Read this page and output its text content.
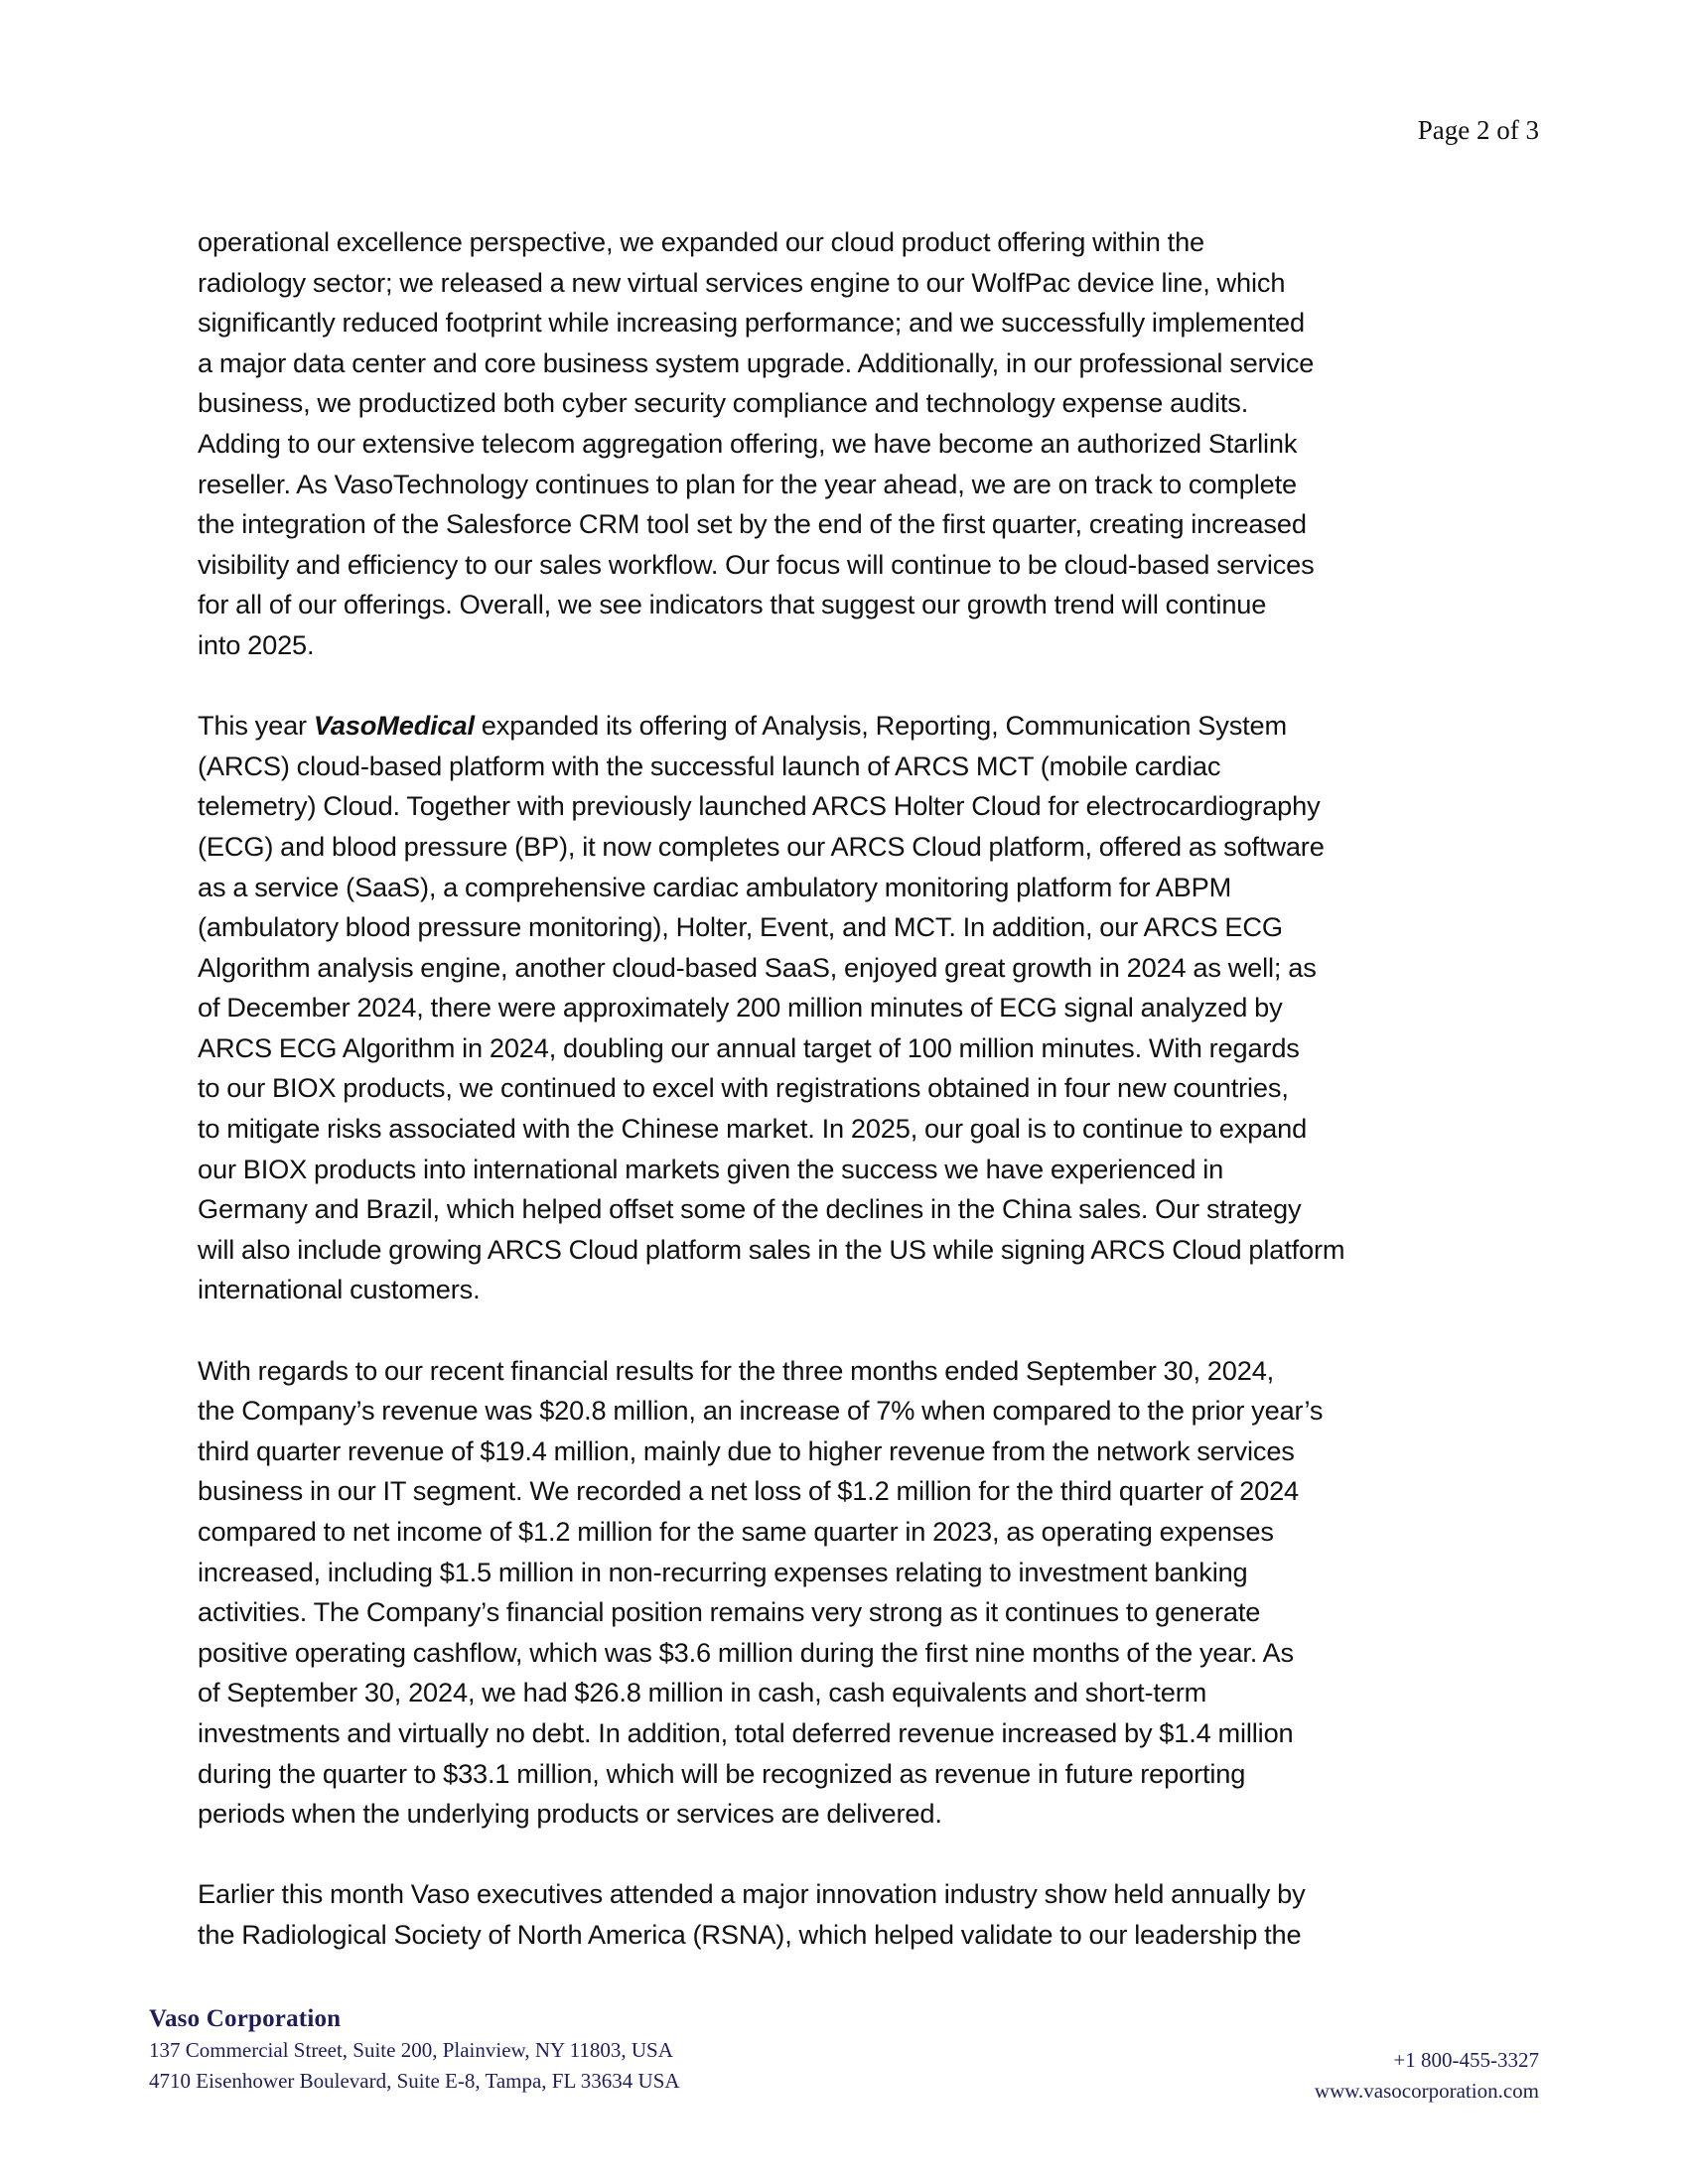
Page 2 of 3

operational excellence perspective, we expanded our cloud product offering within the
radiology sector; we released a new virtual services engine to our WolfPac device line, which
significantly reduced footprint while increasing performance; and we successfully implemented
a major data center and core business system upgrade. Additionally, in our professional service
business, we productized both cyber security compliance and technology expense audits.
Adding to our extensive telecom aggregation offering, we have become an authorized Starlink
reseller. As VasoTechnology continues to plan for the year ahead, we are on track to complete
the integration of the Salesforce CRM tool set by the end of the first quarter, creating increased
visibility and efficiency to our sales workflow. Our focus will continue to be cloud-based services
for all of our offerings. Overall, we see indicators that suggest our growth trend will continue
into 2025.

This year VasoMedical expanded its offering of Analysis, Reporting, Communication System
(ARCS) cloud-based platform with the successful launch of ARCS MCT (mobile cardiac
telemetry) Cloud. Together with previously launched ARCS Holter Cloud for electrocardiography
(ECG) and blood pressure (BP), it now completes our ARCS Cloud platform, offered as software
as a service (SaaS), a comprehensive cardiac ambulatory monitoring platform for ABPM
(ambulatory blood pressure monitoring), Holter, Event, and MCT. In addition, our ARCS ECG
Algorithm analysis engine, another cloud-based SaaS, enjoyed great growth in 2024 as well; as
of December 2024, there were approximately 200 million minutes of ECG signal analyzed by
ARCS ECG Algorithm in 2024, doubling our annual target of 100 million minutes. With regards
to our BIOX products, we continued to excel with registrations obtained in four new countries,
to mitigate risks associated with the Chinese market. In 2025, our goal is to continue to expand
our BIOX products into international markets given the success we have experienced in
Germany and Brazil, which helped offset some of the declines in the China sales. Our strategy
will also include growing ARCS Cloud platform sales in the US while signing ARCS Cloud platform
international customers.

With regards to our recent financial results for the three months ended September 30, 2024,
the Company’s revenue was $20.8 million, an increase of 7% when compared to the prior year’s
third quarter revenue of $19.4 million, mainly due to higher revenue from the network services
business in our IT segment. We recorded a net loss of $1.2 million for the third quarter of 2024
compared to net income of $1.2 million for the same quarter in 2023, as operating expenses
increased, including $1.5 million in non-recurring expenses relating to investment banking
activities. The Company’s financial position remains very strong as it continues to generate
positive operating cashflow, which was $3.6 million during the first nine months of the year. As
of September 30, 2024, we had $26.8 million in cash, cash equivalents and short-term
investments and virtually no debt. In addition, total deferred revenue increased by $1.4 million
during the quarter to $33.1 million, which will be recognized as revenue in future reporting
periods when the underlying products or services are delivered.

Earlier this month Vaso executives attended a major innovation industry show held annually by
the Radiological Society of North America (RSNA), which helped validate to our leadership the

Vaso Corporation
137 Commercial Street, Suite 200, Plainview, NY 11803, USA
4710 Eisenhower Boulevard, Suite E-8, Tampa, FL 33634 USA
+1 800-455-3327
www.vasocorporation.com
